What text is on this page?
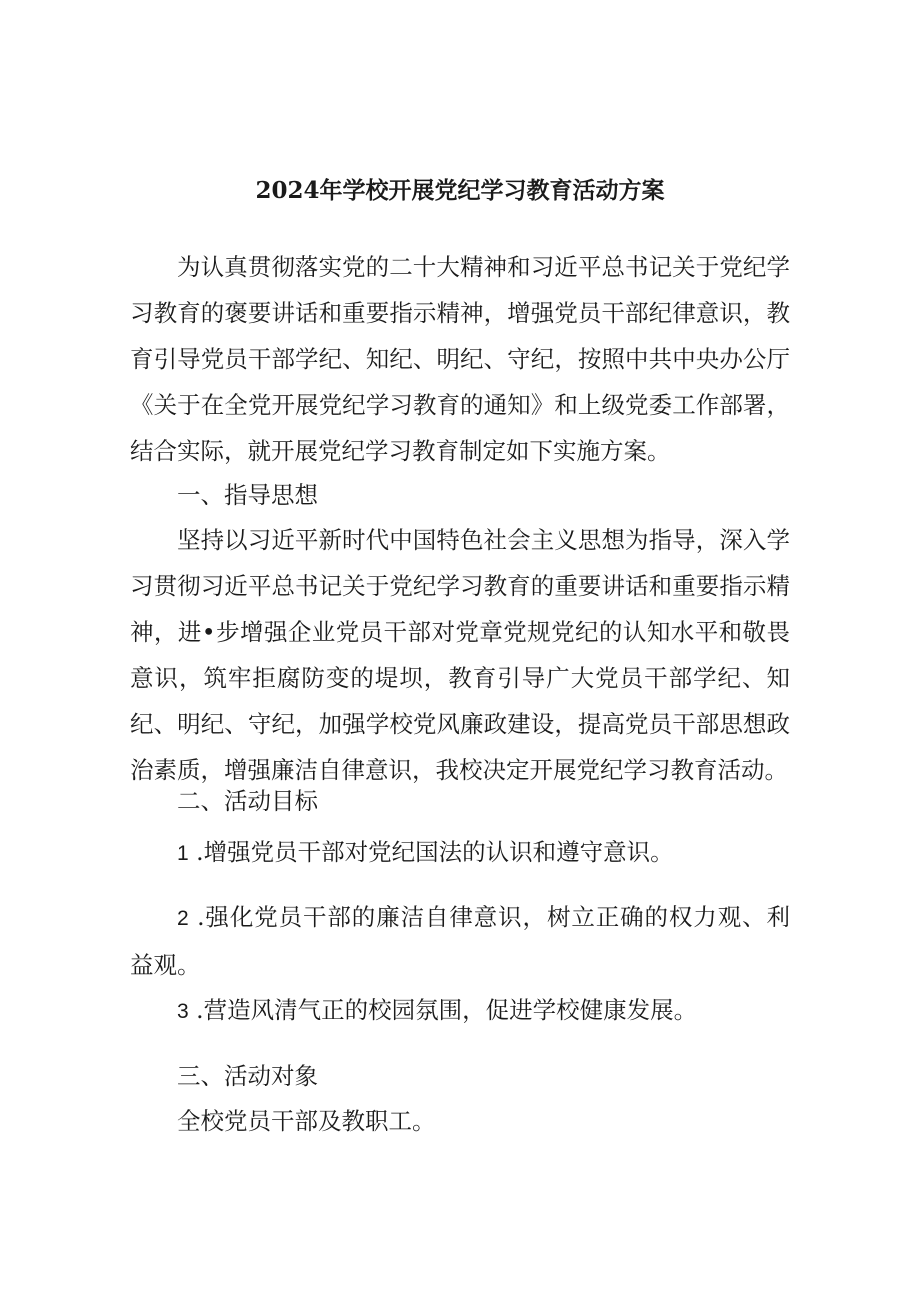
2024年学校开展党纪学习教育活动方案

为认真贯彻落实党的二十大精神和习近平总书记关于党纪学习教育的褒要讲话和重要指示精神，增强党员干部纪律意识，教育引导党员干部学纪、知纪、明纪、守纪，按照中共中央办公厅《关于在全党开展党纪学习教育的通知》和上级党委工作部署，结合实际，就开展党纪学习教育制定如下实施方案。

一、指导思想

坚持以习近平新时代中国特色社会主义思想为指导，深入学习贯彻习近平总书记关于党纪学习教育的重要讲话和重要指示精神，进•步增强企业党员干部对党章党规党纪的认知水平和敬畏意识，筑牢拒腐防变的堤坝，教育引导广大党员干部学纪、知纪、明纪、守纪，加强学校党风廉政建设，提高党员干部思想政治素质，增强廉洁自律意识，我校决定开展党纪学习教育活动。

二、活动目标

1 .增强党员干部对党纪国法的认识和遵守意识。

2 .强化党员干部的廉洁自律意识，树立正确的权力观、利益观。

3 .营造风清气正的校园氛围，促进学校健康发展。

三、活动对象

全校党员干部及教职工。
